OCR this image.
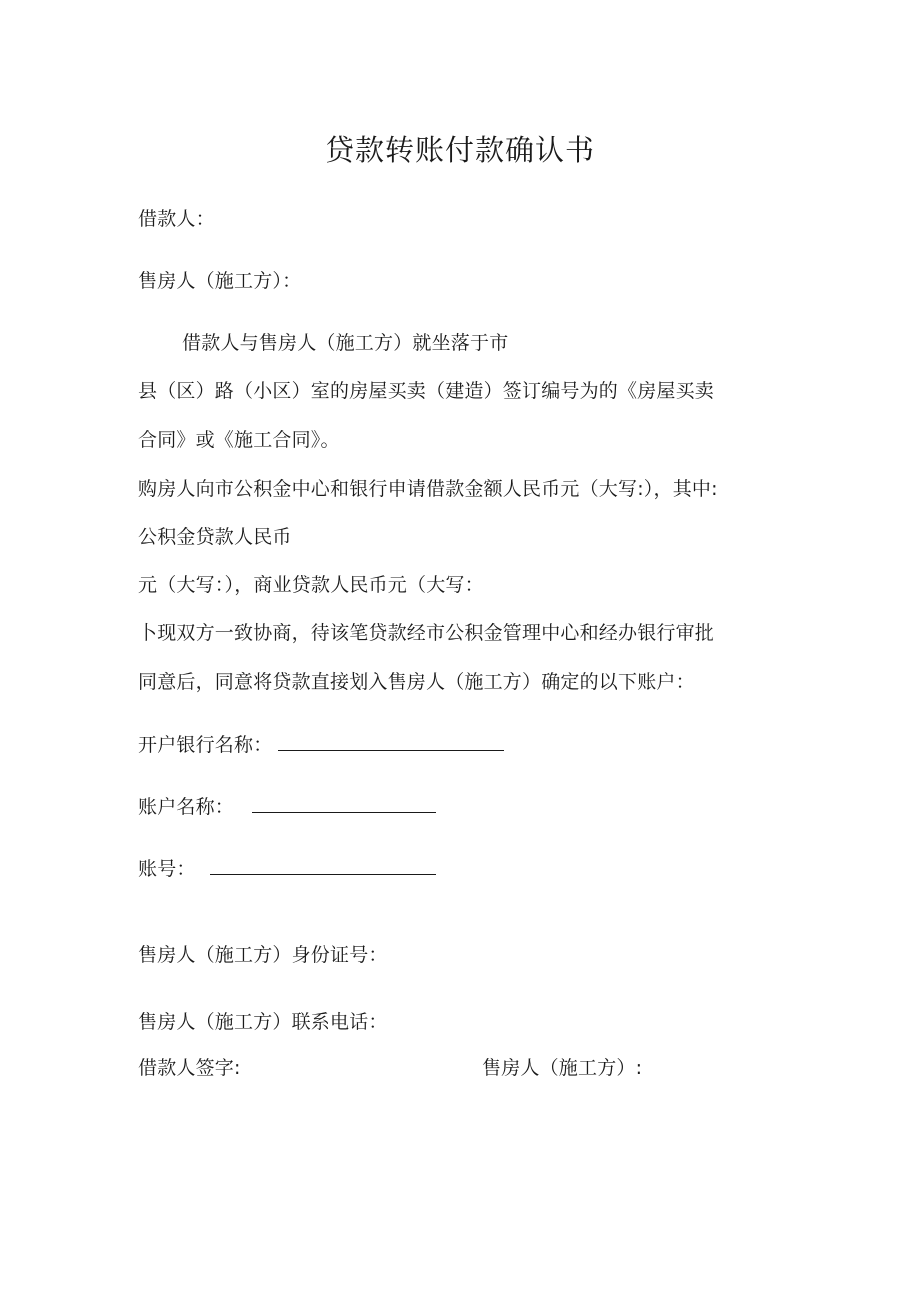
贷款转账付款确认书
借款人：
售房人（施工方）：
借款人与售房人（施工方）就坐落于市
县（区）路（小区）室的房屋买卖（建造）签订编号为的《房屋买卖
合同》或《施工合同》。
购房人向市公积金中心和银行申请借款金额人民币元（大写:），其中:
公积金贷款人民币
元（大写：），商业贷款人民币元（大写：
卜现双方一致协商，待该笔贷款经市公积金管理中心和经办银行审批
同意后，同意将贷款直接划入售房人（施工方）确定的以下账户：
开户银行名称：
账户名称：
账号：
售房人（施工方）身份证号：
售房人（施工方）联系电话：
借款人签字:	售房人（施工方）:
